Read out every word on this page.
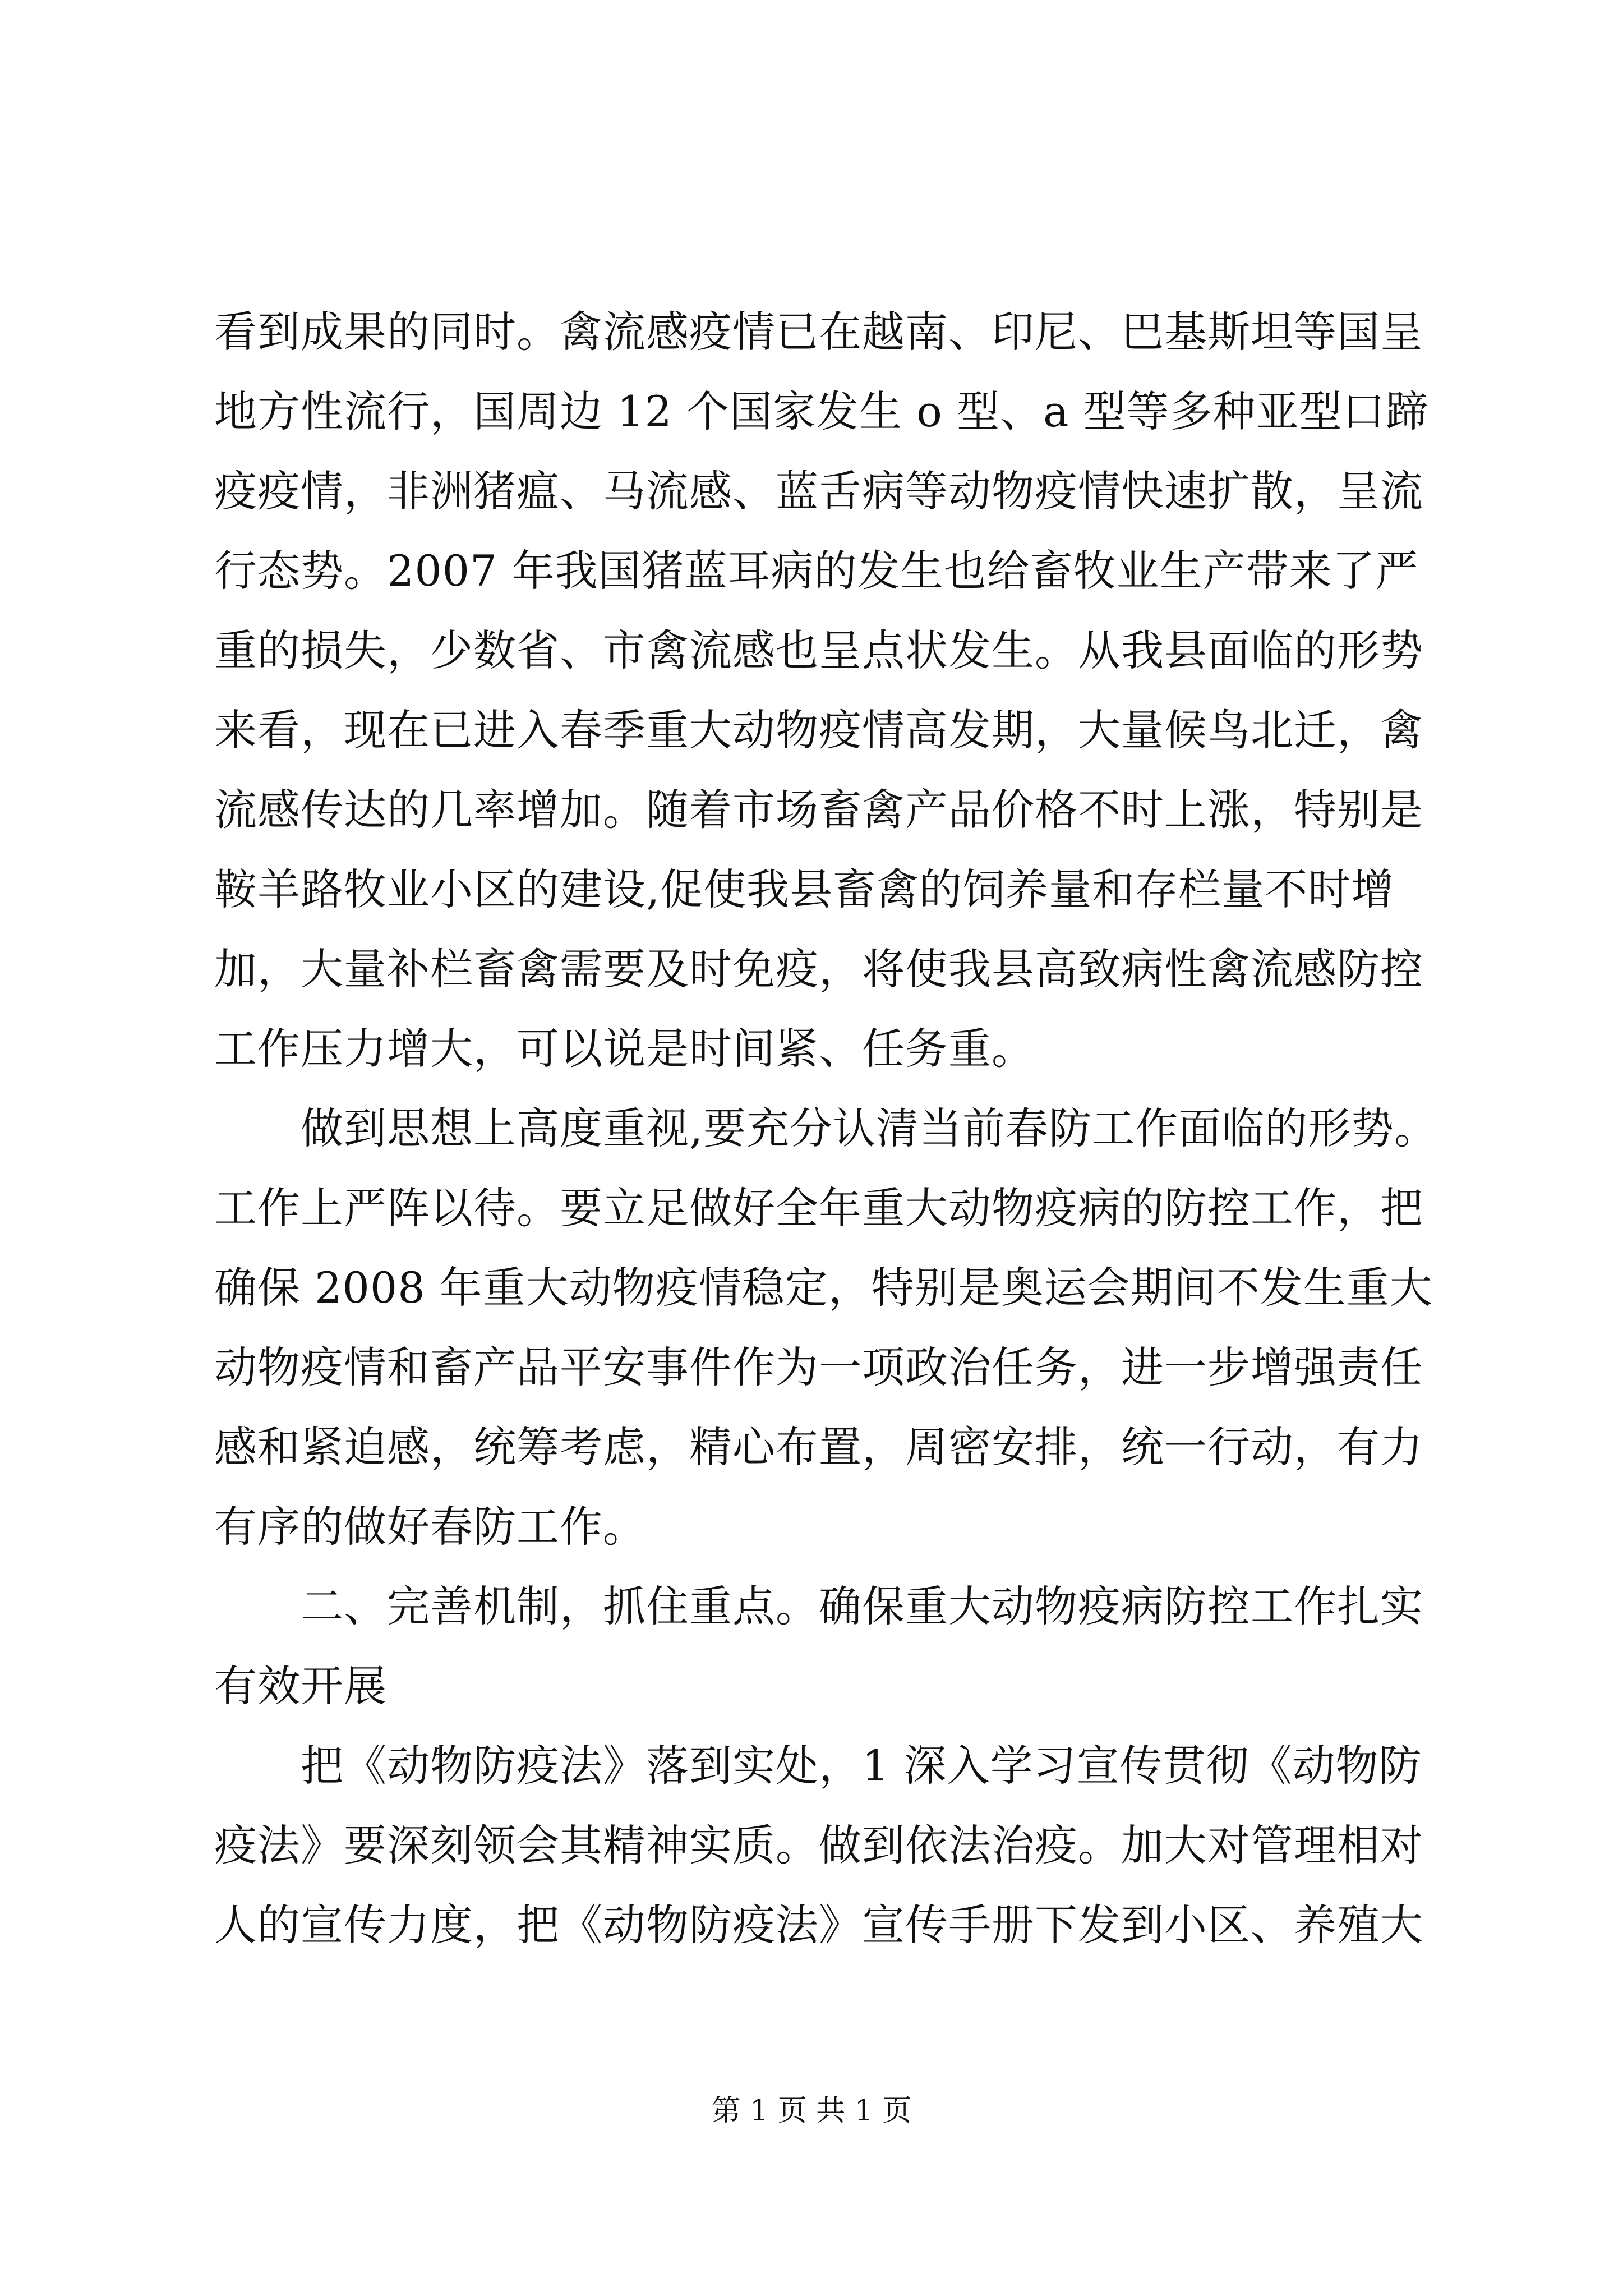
看到成果的同时。禽流感疫情已在越南、印尼、巴基斯坦等国呈
地方性流行，国周边 12 个国家发生 o 型、a 型等多种亚型口蹄
疫疫情，非洲猪瘟、马流感、蓝舌病等动物疫情快速扩散，呈流
行态势。2007 年我国猪蓝耳病的发生也给畜牧业生产带来了严
重的损失，少数省、市禽流感也呈点状发生。从我县面临的形势
来看，现在已进入春季重大动物疫情高发期，大量候鸟北迁，禽
流感传达的几率增加。随着市场畜禽产品价格不时上涨，特别是
鞍羊路牧业小区的建设,促使我县畜禽的饲养量和存栏量不时增
加，大量补栏畜禽需要及时免疫，将使我县高致病性禽流感防控
工作压力增大，可以说是时间紧、任务重。
　　做到思想上高度重视,要充分认清当前春防工作面临的形势。
工作上严阵以待。要立足做好全年重大动物疫病的防控工作，把
确保 2008 年重大动物疫情稳定，特别是奥运会期间不发生重大
动物疫情和畜产品平安事件作为一项政治任务，进一步增强责任
感和紧迫感，统筹考虑，精心布置，周密安排，统一行动，有力
有序的做好春防工作。
　　二、完善机制，抓住重点。确保重大动物疫病防控工作扎实
有效开展
　　把《动物防疫法》落到实处，1 深入学习宣传贯彻《动物防
疫法》要深刻领会其精神实质。做到依法治疫。加大对管理相对
人的宣传力度，把《动物防疫法》宣传手册下发到小区、养殖大
第 1 页 共 1 页
